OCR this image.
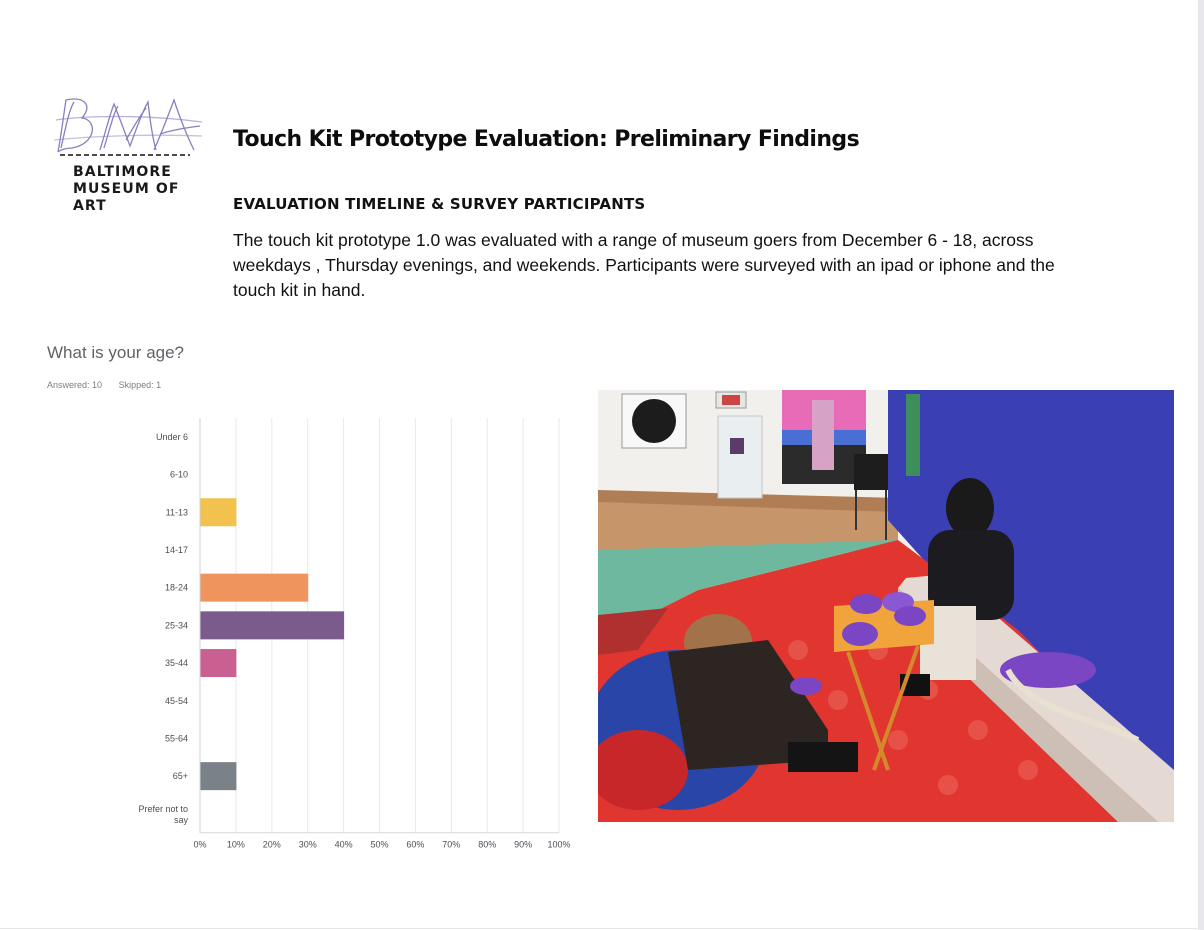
BALTIMORE
MUSEUM OF
ART
Touch Kit Prototype Evaluation: Preliminary Findings
EVALUATION TIMELINE & SURVEY PARTICIPANTS
The touch kit prototype 1.0 was evaluated with a range of museum goers from December 6 - 18, across weekdays , Thursday evenings, and weekends. Participants were surveyed with an ipad or iphone and the touch kit in hand.
What is your age?
Answered: 10 Skipped: 1
0% 10% 20% 30% 40% 50% 60% 70% 80% 90% 100%
Under 6
6-10
11-13
14-17
18-24
25-34
35-44
45-54
55-64
65+
Prefer not to
say
